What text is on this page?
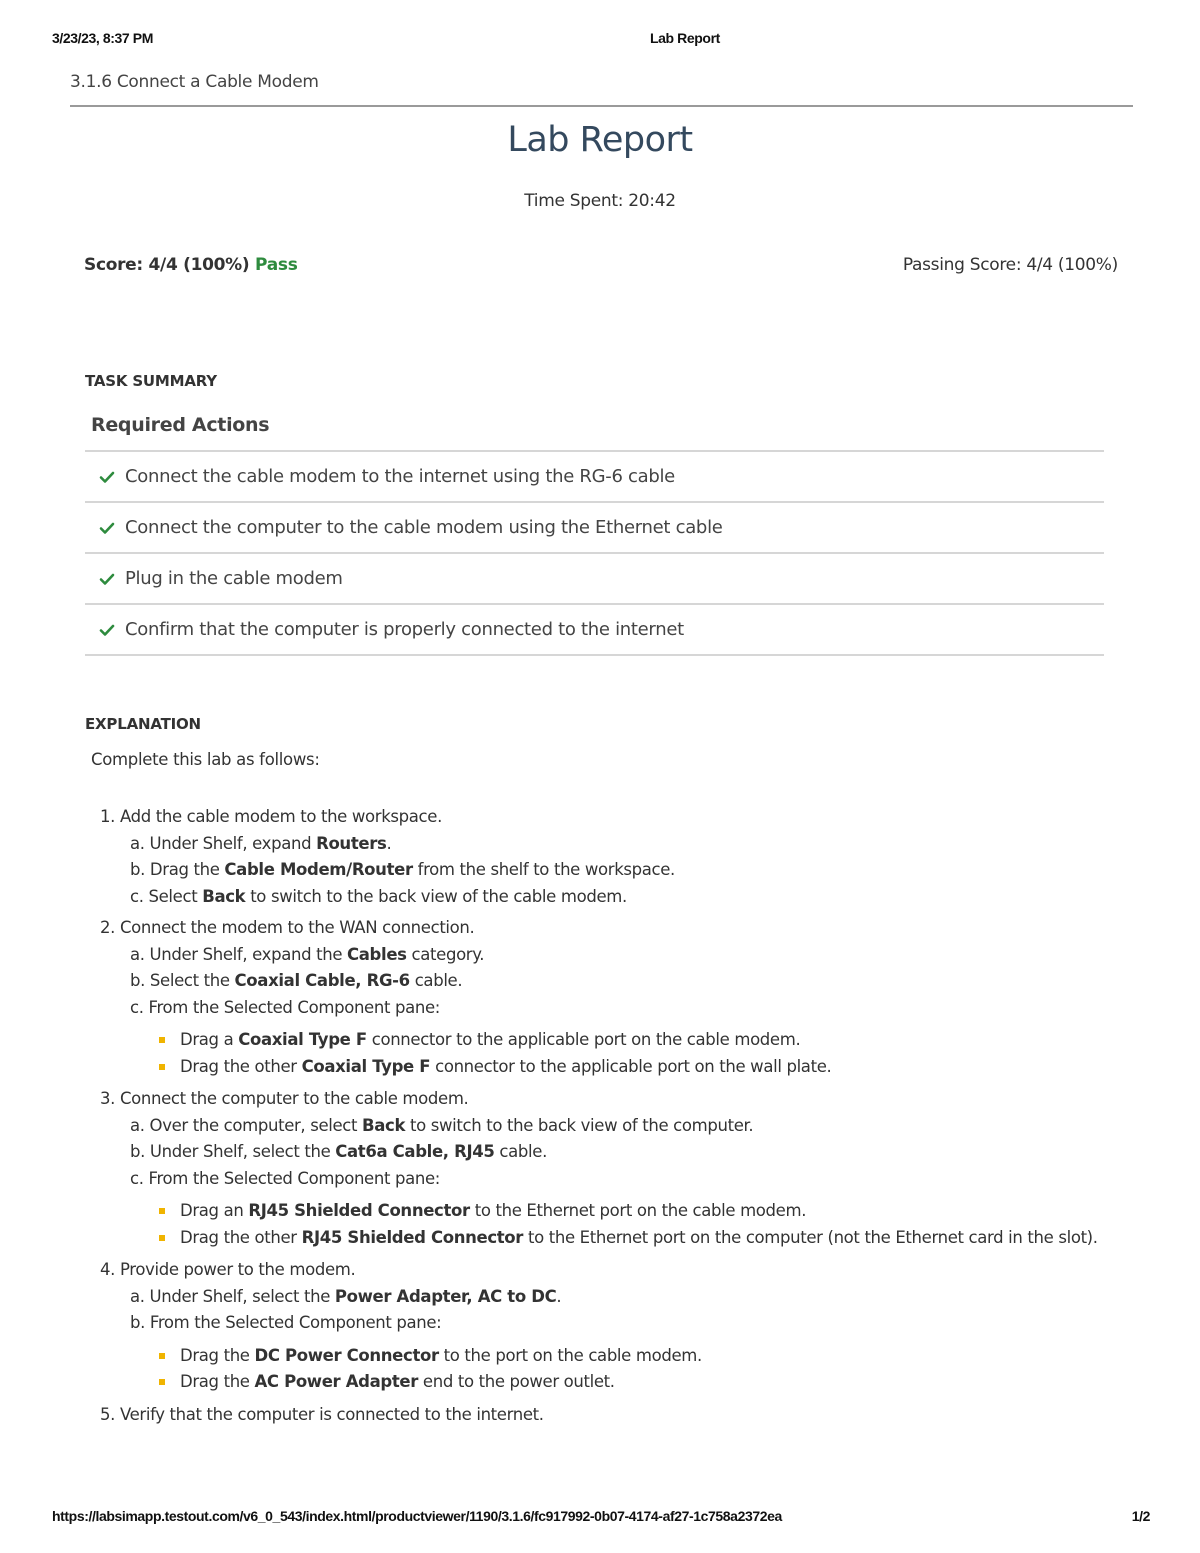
3/23/23, 8:37 PM	Lab Report
3.1.6 Connect a Cable Modem
Lab Report
Time Spent: 20:42
Score: 4/4 (100%) Pass	Passing Score: 4/4 (100%)
TASK SUMMARY
Required Actions
Connect the cable modem to the internet using the RG-6 cable
Connect the computer to the cable modem using the Ethernet cable
Plug in the cable modem
Confirm that the computer is properly connected to the internet
EXPLANATION
Complete this lab as follows:
1. Add the cable modem to the workspace.
a. Under Shelf, expand Routers.
b. Drag the Cable Modem/Router from the shelf to the workspace.
c. Select Back to switch to the back view of the cable modem.
2. Connect the modem to the WAN connection.
a. Under Shelf, expand the Cables category.
b. Select the Coaxial Cable, RG-6 cable.
c. From the Selected Component pane:
Drag a Coaxial Type F connector to the applicable port on the cable modem.
Drag the other Coaxial Type F connector to the applicable port on the wall plate.
3. Connect the computer to the cable modem.
a. Over the computer, select Back to switch to the back view of the computer.
b. Under Shelf, select the Cat6a Cable, RJ45 cable.
c. From the Selected Component pane:
Drag an RJ45 Shielded Connector to the Ethernet port on the cable modem.
Drag the other RJ45 Shielded Connector to the Ethernet port on the computer (not the Ethernet card in the slot).
4. Provide power to the modem.
a. Under Shelf, select the Power Adapter, AC to DC.
b. From the Selected Component pane:
Drag the DC Power Connector to the port on the cable modem.
Drag the AC Power Adapter end to the power outlet.
5. Verify that the computer is connected to the internet.
https://labsimapp.testout.com/v6_0_543/index.html/productviewer/1190/3.1.6/fc917992-0b07-4174-af27-1c758a2372ea	1/2
